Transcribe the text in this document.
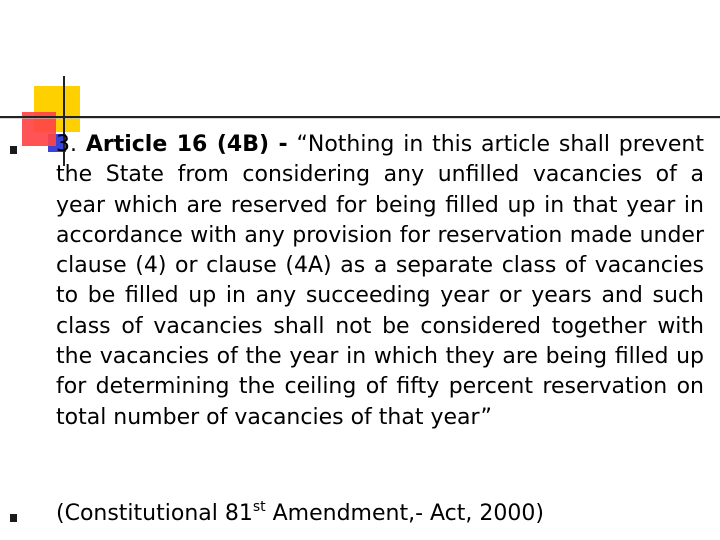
3. Article 16 (4B) - “Nothing in this article shall prevent the State from considering any unfilled vacancies of a year which are reserved for being filled up in that year in accordance with any provision for reservation made under clause (4) or clause (4A) as a separate class of vacancies to be filled up in any succeeding year or years and such class of vacancies shall not be considered together with the vacancies of the year in which they are being filled up for determining the ceiling of fifty percent reservation on total number of vacancies of that year”
(Constitutional 81st Amendment,- Act, 2000)
